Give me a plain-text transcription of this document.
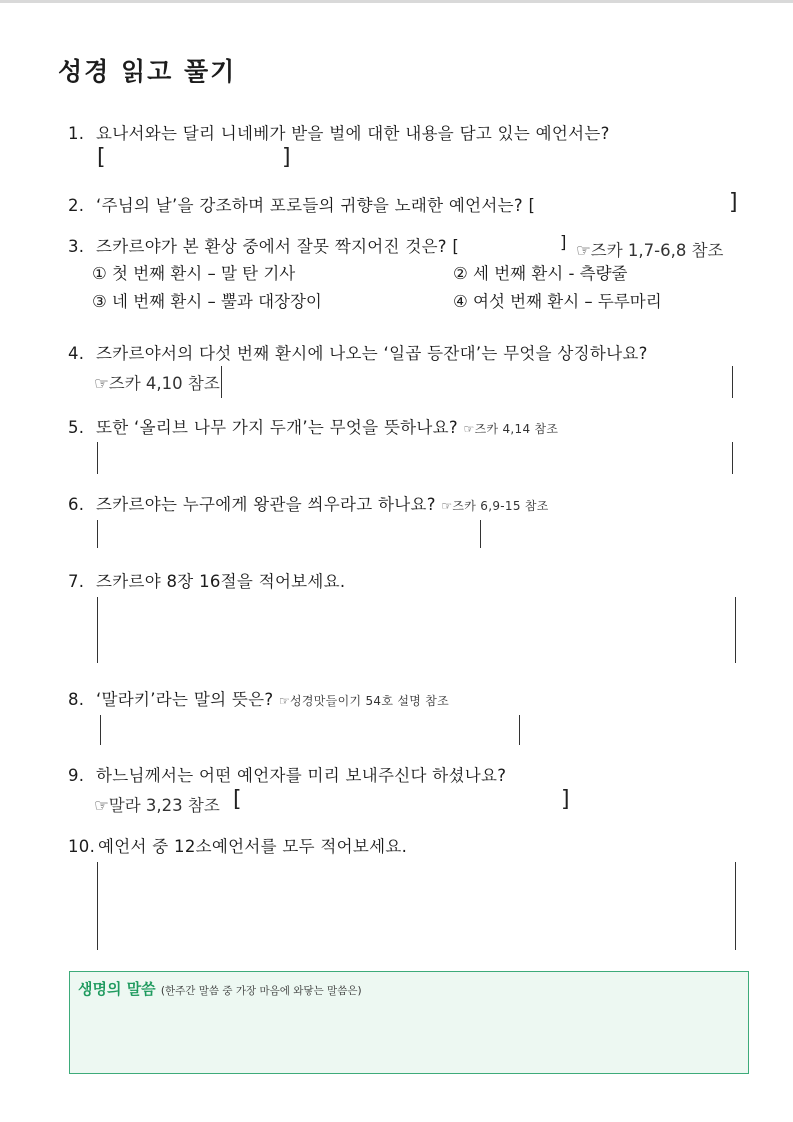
성경 읽고 풀기
1. 요나서와는 달리 니네베가 받을 벌에 대한 내용을 담고 있는 예언서는?
[	]
2. ‘주님의 날’을 강조하며 포로들의 귀향을 노래한 예언서는? [	]
3. 즈카르야가 본 환상 중에서 잘못 짝지어진 것은? [	] ☞즈카 1,7-6,8 참조
① 첫 번째 환시 – 말 탄 기사	② 세 번째 환시 - 측량줄
③ 네 번째 환시 – 뿔과 대장장이	④ 여섯 번째 환시 – 두루마리
4. 즈카르야서의 다섯 번째 환시에 나오는 ‘일곱 등잔대’는 무엇을 상징하나요?
☞즈카 4,10 참조
5. 또한 ‘올리브 나무 가지 두개’는 무엇을 뜻하나요? ☞즈카 4,14 참조
6. 즈카르야는 누구에게 왕관을 씌우라고 하나요? ☞즈카 6,9-15 참조
7. 즈카르야 8장 16절을 적어보세요.
8. ‘말라키’라는 말의 뜻은? ☞성경맛들이기 54호 설명 참조
9. 하느님께서는 어떤 예언자를 미리 보내주신다 하셨나요?
☞말라 3,23 참조 [	]
10. 예언서 중 12소예언서를 모두 적어보세요.
생명의 말씀 (한주간 말씀 중 가장 마음에 와닿는 말씀은)
